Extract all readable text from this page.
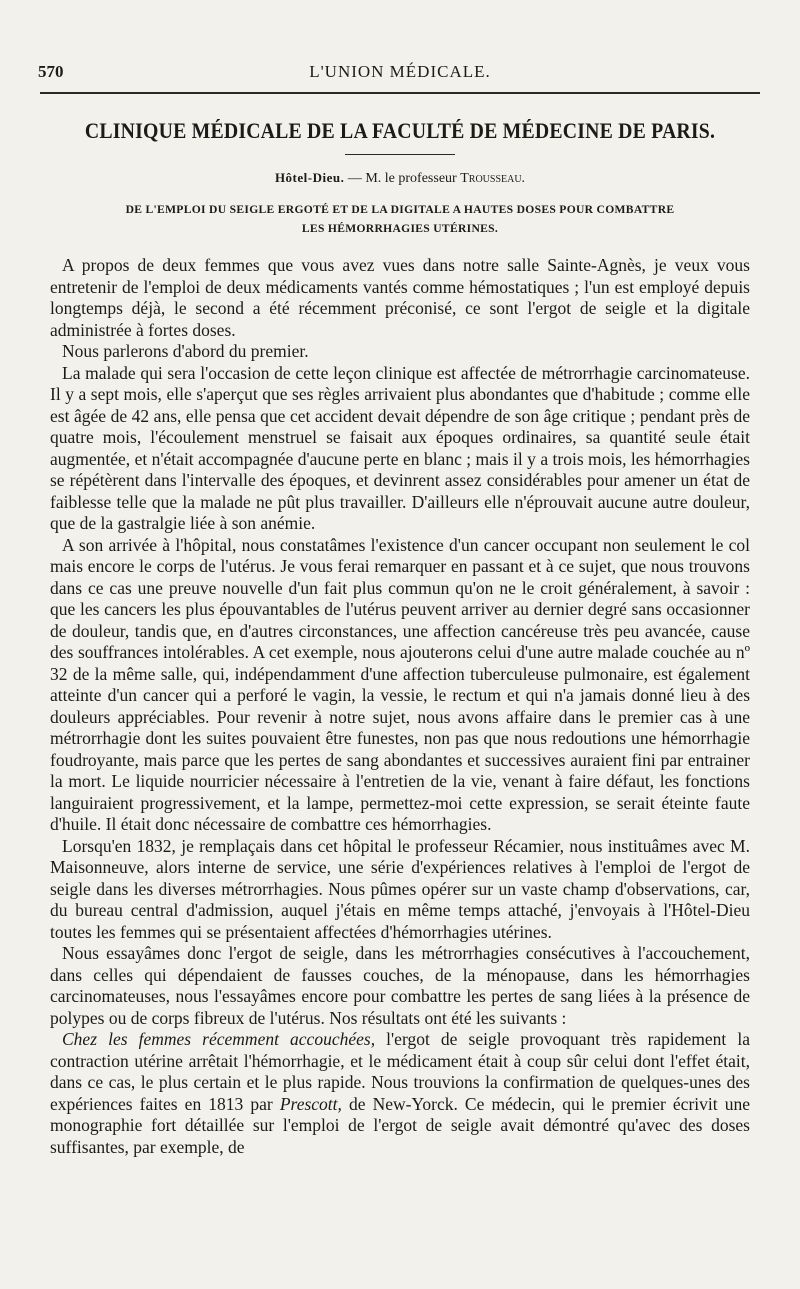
570	L'UNION MÉDICALE.
CLINIQUE MÉDICALE DE LA FACULTÉ DE MÉDECINE DE PARIS.
Hôtel-Dieu. — M. le professeur Trousseau.
DE L'EMPLOI DU SEIGLE ERGOTÉ ET DE LA DIGITALE A HAUTES DOSES POUR COMBATTRE
LES HÉMORRHAGIES UTÉRINES.

A propos de deux femmes que vous avez vues dans notre salle Sainte-Agnès, je veux vous entretenir de l'emploi de deux médicaments vantés comme hémostatiques ; l'un est employé depuis longtemps déjà, le second a été récemment préconisé, ce sont l'ergot de seigle et la digitale administrée à fortes doses.

Nous parlerons d'abord du premier.

La malade qui sera l'occasion de cette leçon clinique est affectée de métrorrhagie carcinomateuse. Il y a sept mois, elle s'aperçut que ses règles arrivaient plus abondantes que d'habitude ; comme elle est âgée de 42 ans, elle pensa que cet accident devait dépendre de son âge critique ; pendant près de quatre mois, l'écoulement menstruel se faisait aux époques ordinaires, sa quantité seule était augmentée, et n'était accompagnée d'aucune perte en blanc ; mais il y a trois mois, les hémorrhagies se répétèrent dans l'intervalle des époques, et devinrent assez considérables pour amener un état de faiblesse telle que la malade ne pût plus travailler. D'ailleurs elle n'éprouvait aucune autre douleur, que de la gastralgie liée à son anémie.

A son arrivée à l'hôpital, nous constatâmes l'existence d'un cancer occupant non seulement le col mais encore le corps de l'utérus. Je vous ferai remarquer en passant et à ce sujet, que nous trouvons dans ce cas une preuve nouvelle d'un fait plus commun qu'on ne le croit généralement, à savoir : que les cancers les plus épouvantables de l'utérus peuvent arriver au dernier degré sans occasionner de douleur, tandis que, en d'autres circonstances, une affection cancéreuse très peu avancée, cause des souffrances intolérables. A cet exemple, nous ajouterons celui d'une autre malade couchée au nº 32 de la même salle, qui, indépendamment d'une affection tuberculeuse pulmonaire, est également atteinte d'un cancer qui a perforé le vagin, la vessie, le rectum et qui n'a jamais donné lieu à des douleurs appréciables. Pour revenir à notre sujet, nous avons affaire dans le premier cas à une métrorrhagie dont les suites pouvaient être funestes, non pas que nous redoutions une hémorrhagie foudroyante, mais parce que les pertes de sang abondantes et successives auraient fini par entrainer la mort. Le liquide nourricier nécessaire à l'entretien de la vie, venant à faire défaut, les fonctions languiraient progressivement, et la lampe, permettez-moi cette expression, se serait éteinte faute d'huile. Il était donc nécessaire de combattre ces hémorrhagies.

Lorsqu'en 1832, je remplaçais dans cet hôpital le professeur Récamier, nous instituâmes avec M. Maisonneuve, alors interne de service, une série d'expériences relatives à l'emploi de l'ergot de seigle dans les diverses métrorrhagies. Nous pûmes opérer sur un vaste champ d'observations, car, du bureau central d'admission, auquel j'étais en même temps attaché, j'envoyais à l'Hôtel-Dieu toutes les femmes qui se présentaient affectées d'hémorrhagies utérines.

Nous essayâmes donc l'ergot de seigle, dans les métrorrhagies consécutives à l'accouchement, dans celles qui dépendaient de fausses couches, de la ménopause, dans les hémorrhagies carcinomateuses, nous l'essayâmes encore pour combattre les pertes de sang liées à la présence de polypes ou de corps fibreux de l'utérus. Nos résultats ont été les suivants :

Chez les femmes récemment accouchées, l'ergot de seigle provoquant très rapidement la contraction utérine arrêtait l'hémorrhagie, et le médicament était à coup sûr celui dont l'effet était, dans ce cas, le plus certain et le plus rapide. Nous trouvions la confirmation de quelques-unes des expériences faites en 1813 par Prescott, de New-Yorck. Ce médecin, qui le premier écrivit une monographie fort détaillée sur l'emploi de l'ergot de seigle avait démontré qu'avec des doses suffisantes, par exemple, de
